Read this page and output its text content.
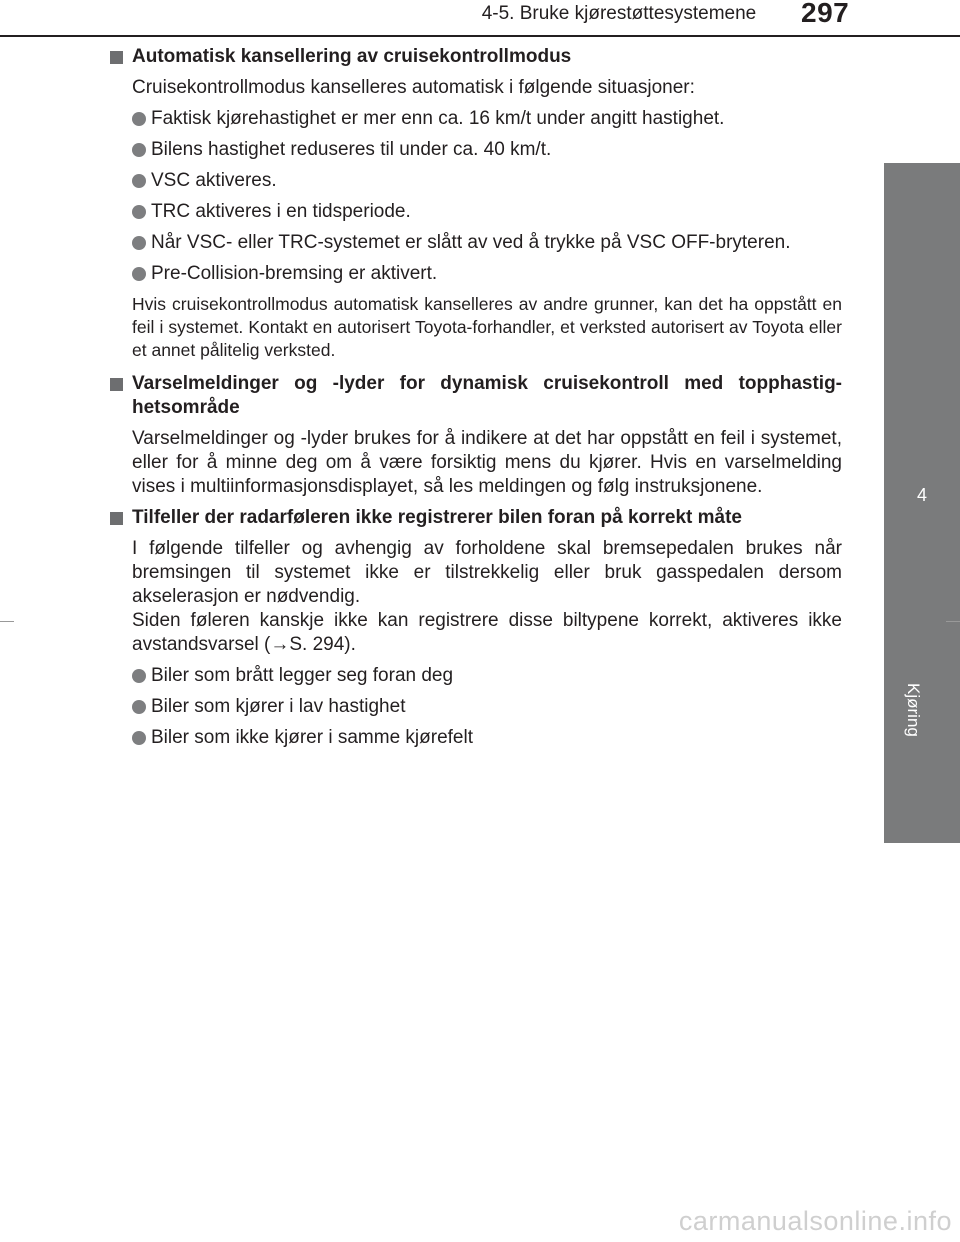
4-5. Bruke kjørestøttesystemene	297
4
Kjøring
Automatisk kansellering av cruisekontrollmodus
Cruisekontrollmodus kanselleres automatisk i følgende situasjoner:
Faktisk kjørehastighet er mer enn ca. 16 km/t under angitt hastighet.
Bilens hastighet reduseres til under ca. 40 km/t.
VSC aktiveres.
TRC aktiveres i en tidsperiode.
Når VSC- eller TRC-systemet er slått av ved å trykke på VSC OFF-bryteren.
Pre-Collision-bremsing er aktivert.
Hvis cruisekontrollmodus automatisk kanselleres av andre grunner, kan det ha oppstått en feil i systemet. Kontakt en autorisert Toyota-forhandler, et verksted autorisert av Toyota eller et annet pålitelig verksted.
Varselmeldinger og -lyder for dynamisk cruisekontroll med topphastig-hetsområde
Varselmeldinger og -lyder brukes for å indikere at det har oppstått en feil i systemet, eller for å minne deg om å være forsiktig mens du kjører. Hvis en varselmelding vises i multiinformasjonsdisplayet, så les meldingen og følg instruksjonene.
Tilfeller der radarføleren ikke registrerer bilen foran på korrekt måte
I følgende tilfeller og avhengig av forholdene skal bremsepedalen brukes når bremsingen til systemet ikke er tilstrekkelig eller bruk gasspedalen dersom akselerasjon er nødvendig.
Siden føleren kanskje ikke kan registrere disse biltypene korrekt, aktiveres ikke avstandsvarsel (→S. 294).
Biler som brått legger seg foran deg
Biler som kjører i lav hastighet
Biler som ikke kjører i samme kjørefelt
carmanualsonline.info
